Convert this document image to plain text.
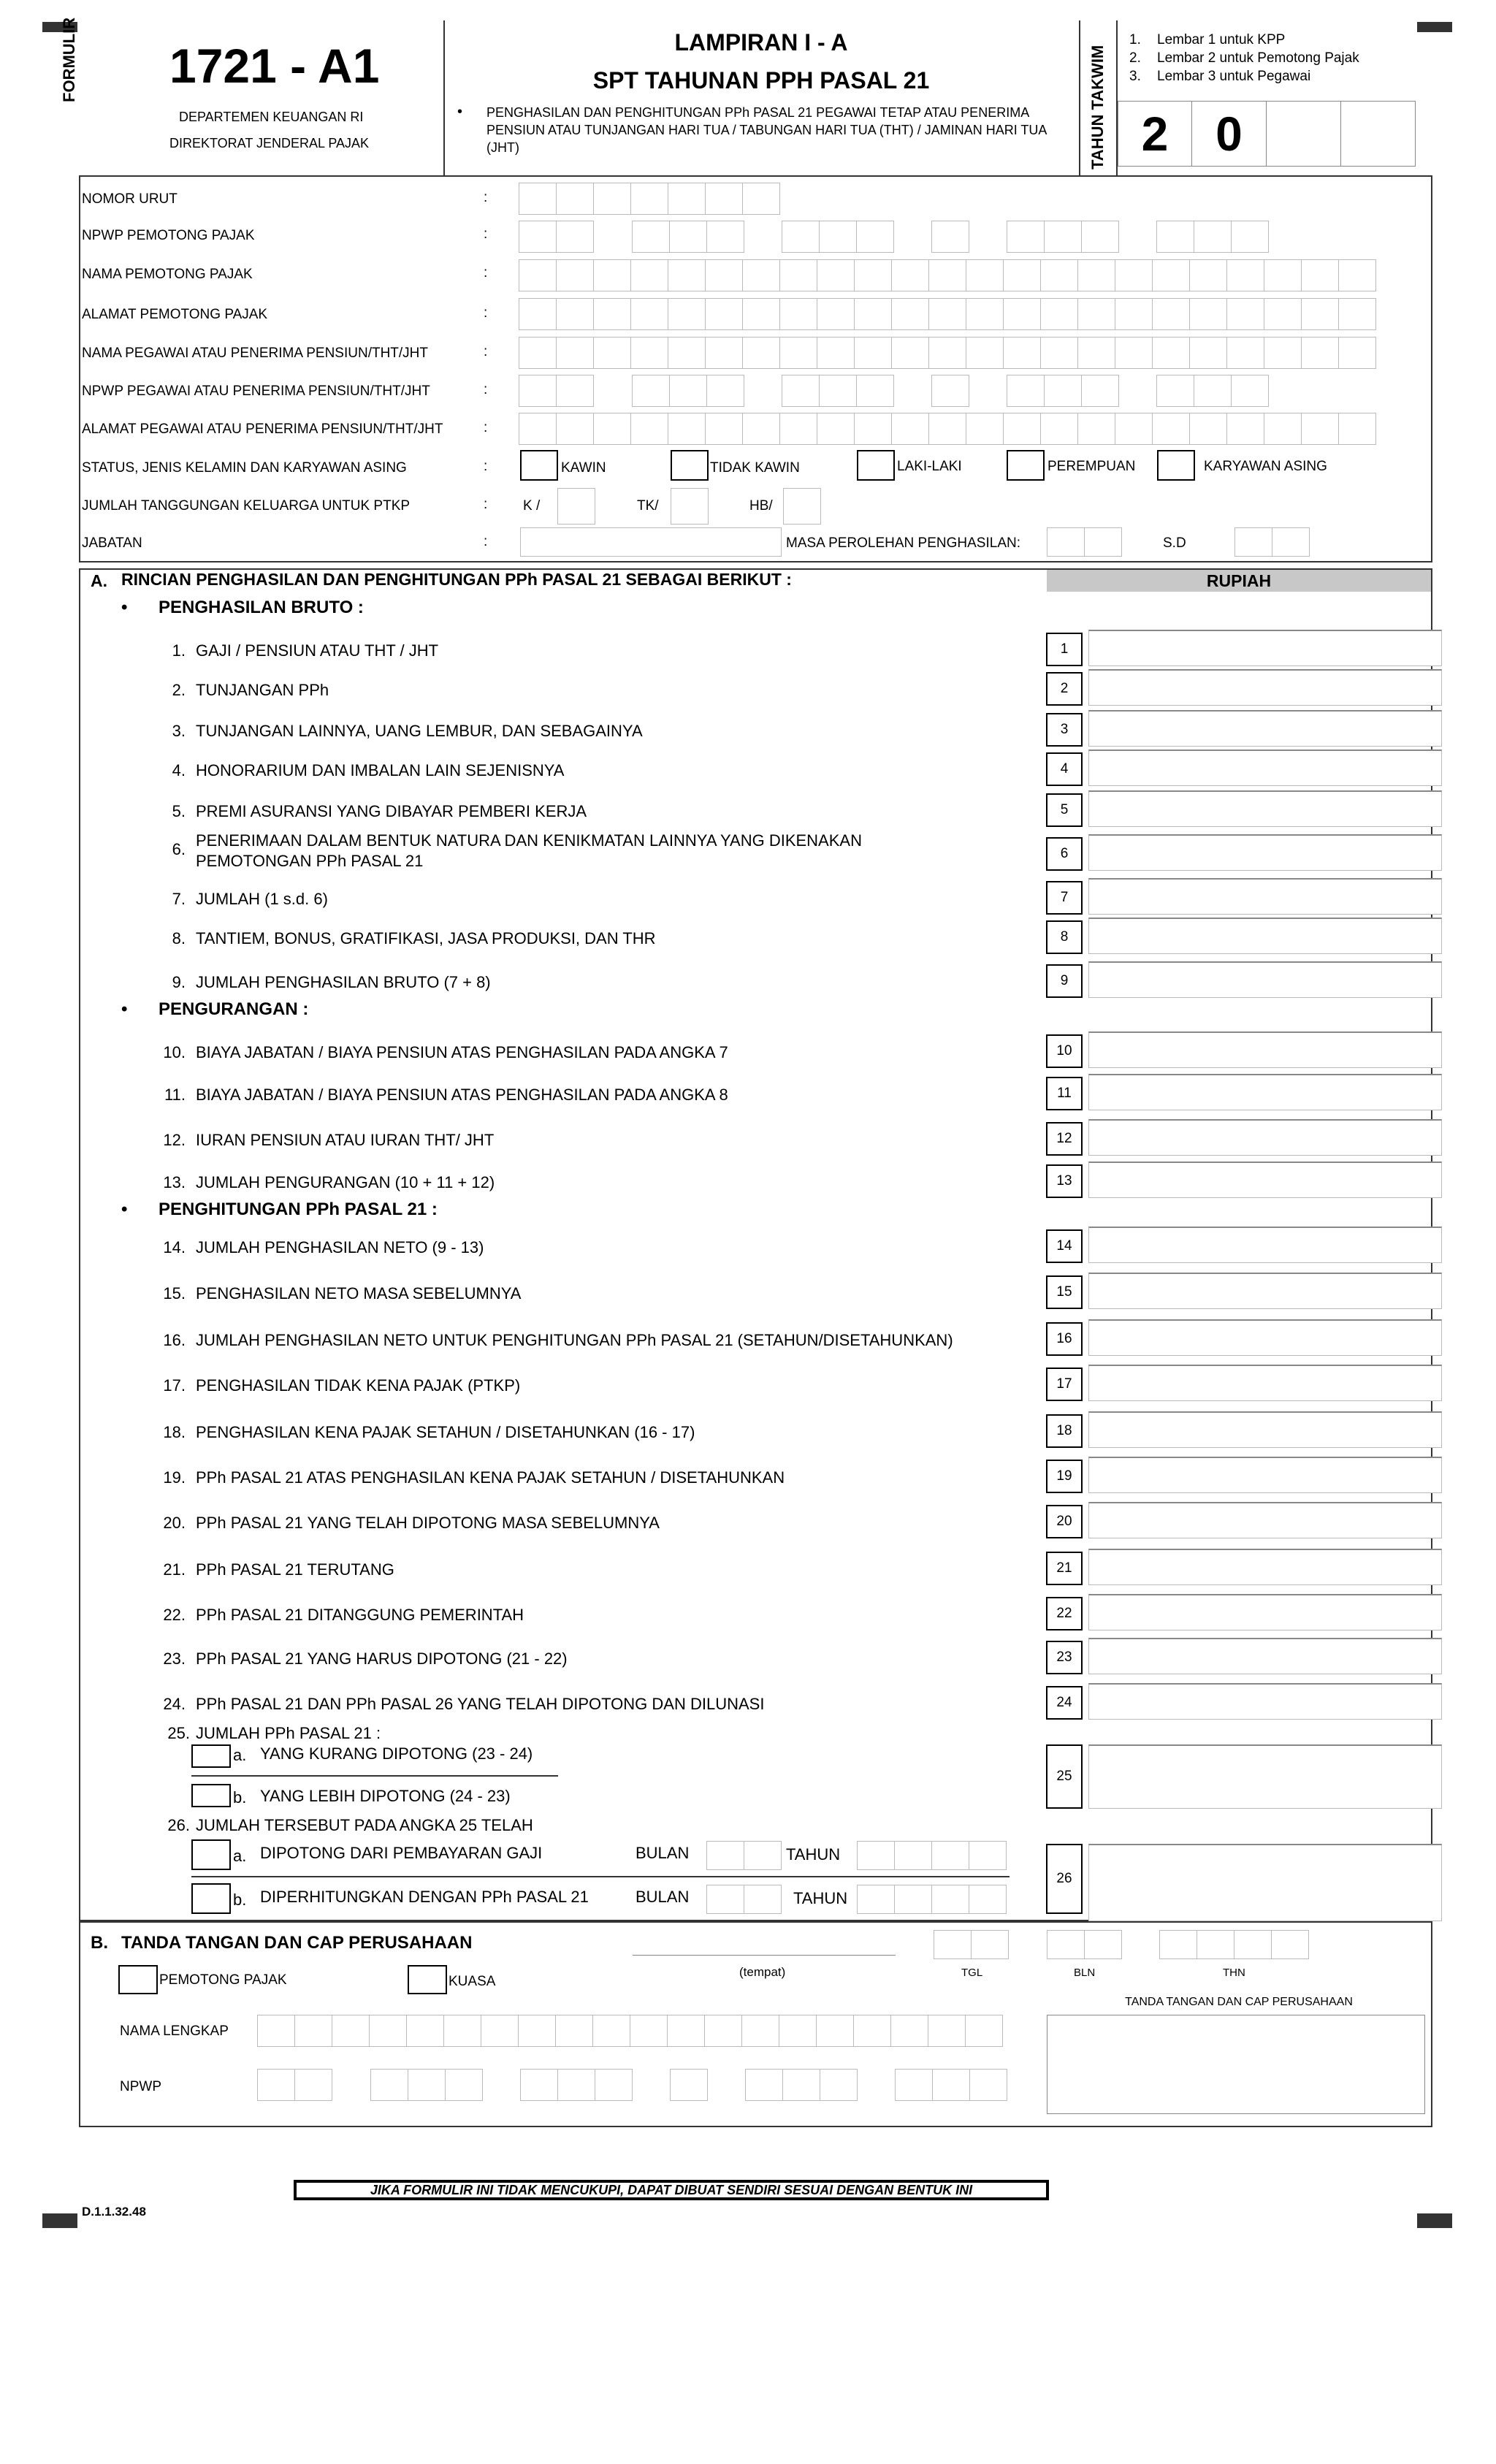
FORMULIR 1721 - A1
DEPARTEMEN KEUANGAN RI
DIREKTORAT JENDERAL PAJAK
LAMPIRAN I - A
SPT TAHUNAN PPH PASAL 21
• PENGHASILAN DAN PENGHITUNGAN PPh PASAL 21 PEGAWAI TETAP ATAU PENERIMA PENSIUN ATAU TUNJANGAN HARI TUA / TABUNGAN HARI TUA (THT) / JAMINAN HARI TUA (JHT)	TAHUN TAKWIM
1. Lembar 1 untuk KPP
2. Lembar 2 untuk Pemotong Pajak
3. Lembar 3 untuk Pegawai
2 0
NOMOR URUT	:
NPWP PEMOTONG PAJAK	:
NAMA PEMOTONG PAJAK	:
ALAMAT PEMOTONG PAJAK	:
NAMA PEGAWAI ATAU PENERIMA PENSIUN/THT/JHT	:
NPWP PEGAWAI ATAU PENERIMA PENSIUN/THT/JHT	:
ALAMAT PEGAWAI ATAU PENERIMA PENSIUN/THT/JHT	:
STATUS, JENIS KELAMIN DAN KARYAWAN ASING	:	KAWIN	TIDAK KAWIN	LAKI-LAKI	PEREMPUAN	KARYAWAN ASING
JUMLAH TANGGUNGAN KELUARGA UNTUK PTKP	:	K /	TK/	HB/
JABATAN	:	MASA PEROLEHAN PENGHASILAN:	S.D
A. RINCIAN PENGHASILAN DAN PENGHITUNGAN PPh PASAL 21 SEBAGAI BERIKUT :	RUPIAH
• PENGHASILAN BRUTO :
• PENGURANGAN :
• PENGHITUNGAN PPh PASAL 21 :
1. GAJI / PENSIUN ATAU THT / JHT	1
2. TUNJANGAN PPh	2
3. TUNJANGAN LAINNYA, UANG LEMBUR, DAN SEBAGAINYA	3
4. HONORARIUM DAN IMBALAN LAIN SEJENISNYA	4
5. PREMI ASURANSI YANG DIBAYAR PEMBERI KERJA	5
6. PENERIMAAN DALAM BENTUK NATURA DAN KENIKMATAN LAINNYA YANG DIKENAKAN
PEMOTONGAN PPh PASAL 21	6
7. JUMLAH (1 s.d. 6)	7
8. TANTIEM, BONUS, GRATIFIKASI, JASA PRODUKSI, DAN THR	8
9. JUMLAH PENGHASILAN BRUTO (7 + 8)	9
10. BIAYA JABATAN / BIAYA PENSIUN ATAS PENGHASILAN PADA ANGKA 7	10
11. BIAYA JABATAN / BIAYA PENSIUN ATAS PENGHASILAN PADA ANGKA 8	11
12. IURAN PENSIUN ATAU IURAN THT/ JHT	12
13. JUMLAH PENGURANGAN (10 + 11 + 12)	13
14. JUMLAH PENGHASILAN NETO (9 - 13)	14
15. PENGHASILAN NETO MASA SEBELUMNYA	15
16. JUMLAH PENGHASILAN NETO UNTUK PENGHITUNGAN PPh PASAL 21 (SETAHUN/DISETAHUNKAN)	16
17. PENGHASILAN TIDAK KENA PAJAK (PTKP)	17
18. PENGHASILAN KENA PAJAK SETAHUN / DISETAHUNKAN (16 - 17)	18
19. PPh PASAL 21 ATAS PENGHASILAN KENA PAJAK SETAHUN / DISETAHUNKAN	19
20. PPh PASAL 21 YANG TELAH DIPOTONG MASA SEBELUMNYA	20
21. PPh PASAL 21 TERUTANG	21
22. PPh PASAL 21 DITANGGUNG PEMERINTAH	22
23. PPh PASAL 21 YANG HARUS DIPOTONG (21 - 22)	23
24. PPh PASAL 21 DAN PPh PASAL 26 YANG TELAH DIPOTONG DAN DILUNASI	24
25. JUMLAH PPh PASAL 21 :
a. YANG KURANG DIPOTONG (23 - 24)
b. YANG LEBIH DIPOTONG (24 - 23)
25
26. JUMLAH TERSEBUT PADA ANGKA 25 TELAH
a. DIPOTONG DARI PEMBAYARAN GAJI	BULAN	TAHUN
b. DIPERHITUNGKAN DENGAN PPh PASAL 21	BULAN	TAHUN
26
B. TANDA TANGAN DAN CAP PERUSAHAAN
(tempat)	TGL	BLN	THN
PEMOTONG PAJAK	KUASA
TANDA TANGAN DAN CAP PERUSAHAAN
NAMA LENGKAP
NPWP
JIKA FORMULIR INI TIDAK MENCUKUPI, DAPAT DIBUAT SENDIRI SESUAI DENGAN BENTUK INI
D.1.1.32.48
